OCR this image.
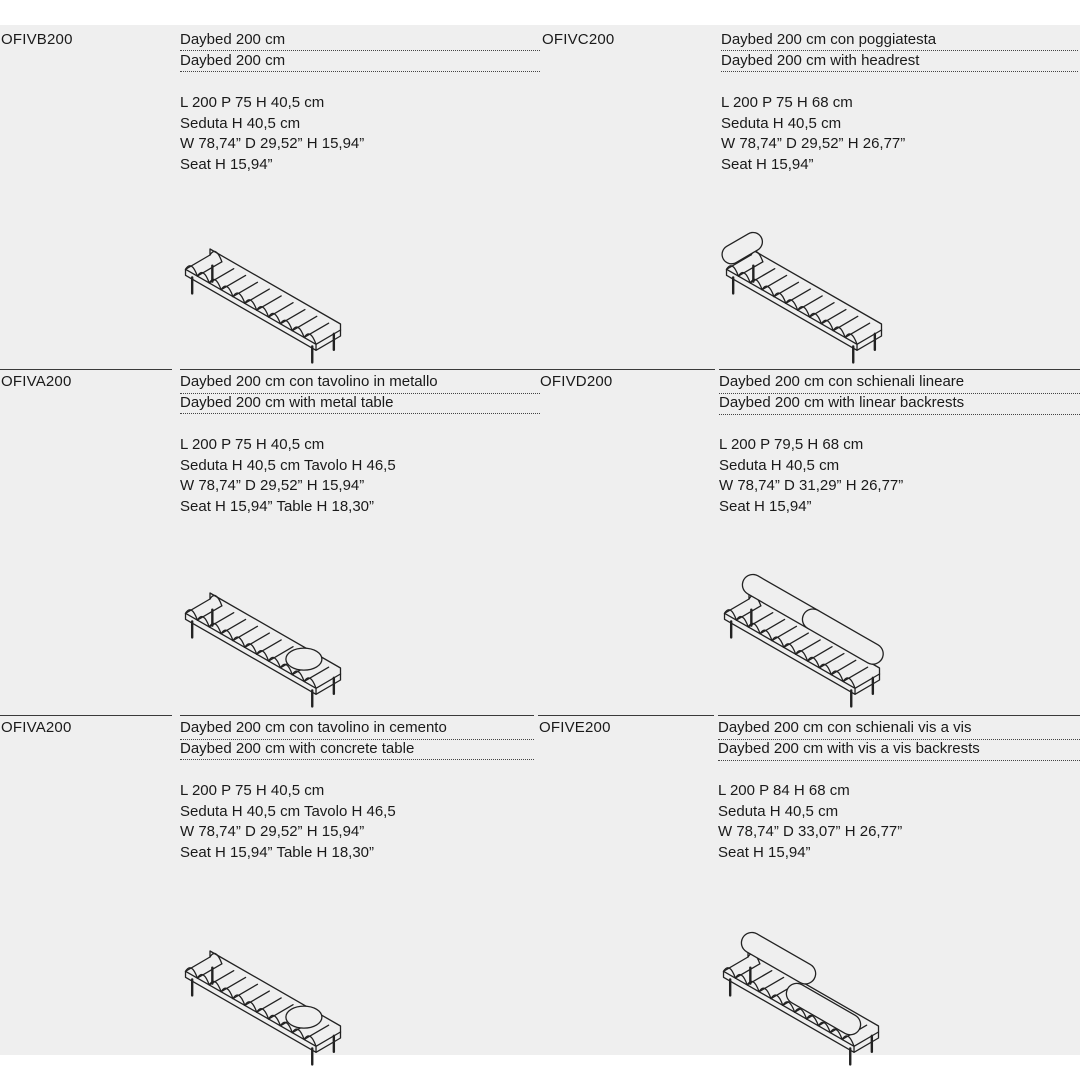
OFIVB200	Daybed 200 cm
Daybed 200 cm
L 200 P 75 H 40,5 cm
Seduta H 40,5 cm
W 78,74” D 29,52” H 15,94”
Seat H 15,94”
OFIVC200	Daybed 200 cm con poggiatesta
Daybed 200 cm with headrest
L 200 P 75 H 68 cm
Seduta H 40,5 cm
W 78,74” D 29,52” H 26,77”
Seat H 15,94”
OFIVA200	Daybed 200 cm con tavolino in metallo
Daybed 200 cm with metal table
L 200 P 75 H 40,5 cm
Seduta H 40,5 cm Tavolo H 46,5
W 78,74” D 29,52” H 15,94”
Seat H 15,94” Table H 18,30”
OFIVD200	Daybed 200 cm con schienali lineare
Daybed 200 cm with linear backrests
L 200 P 79,5 H 68 cm
Seduta H 40,5 cm
W 78,74” D 31,29” H 26,77”
Seat H 15,94”
OFIVA200	Daybed 200 cm con tavolino in cemento
Daybed 200 cm with concrete table
L 200 P 75 H 40,5 cm
Seduta H 40,5 cm Tavolo H 46,5
W 78,74” D 29,52” H 15,94”
Seat H 15,94” Table H 18,30”
OFIVE200	Daybed 200 cm con schienali vis a vis
Daybed 200 cm with vis a vis backrests
L 200 P 84 H 68 cm
Seduta H 40,5 cm
W 78,74” D 33,07” H 26,77”
Seat H 15,94”
